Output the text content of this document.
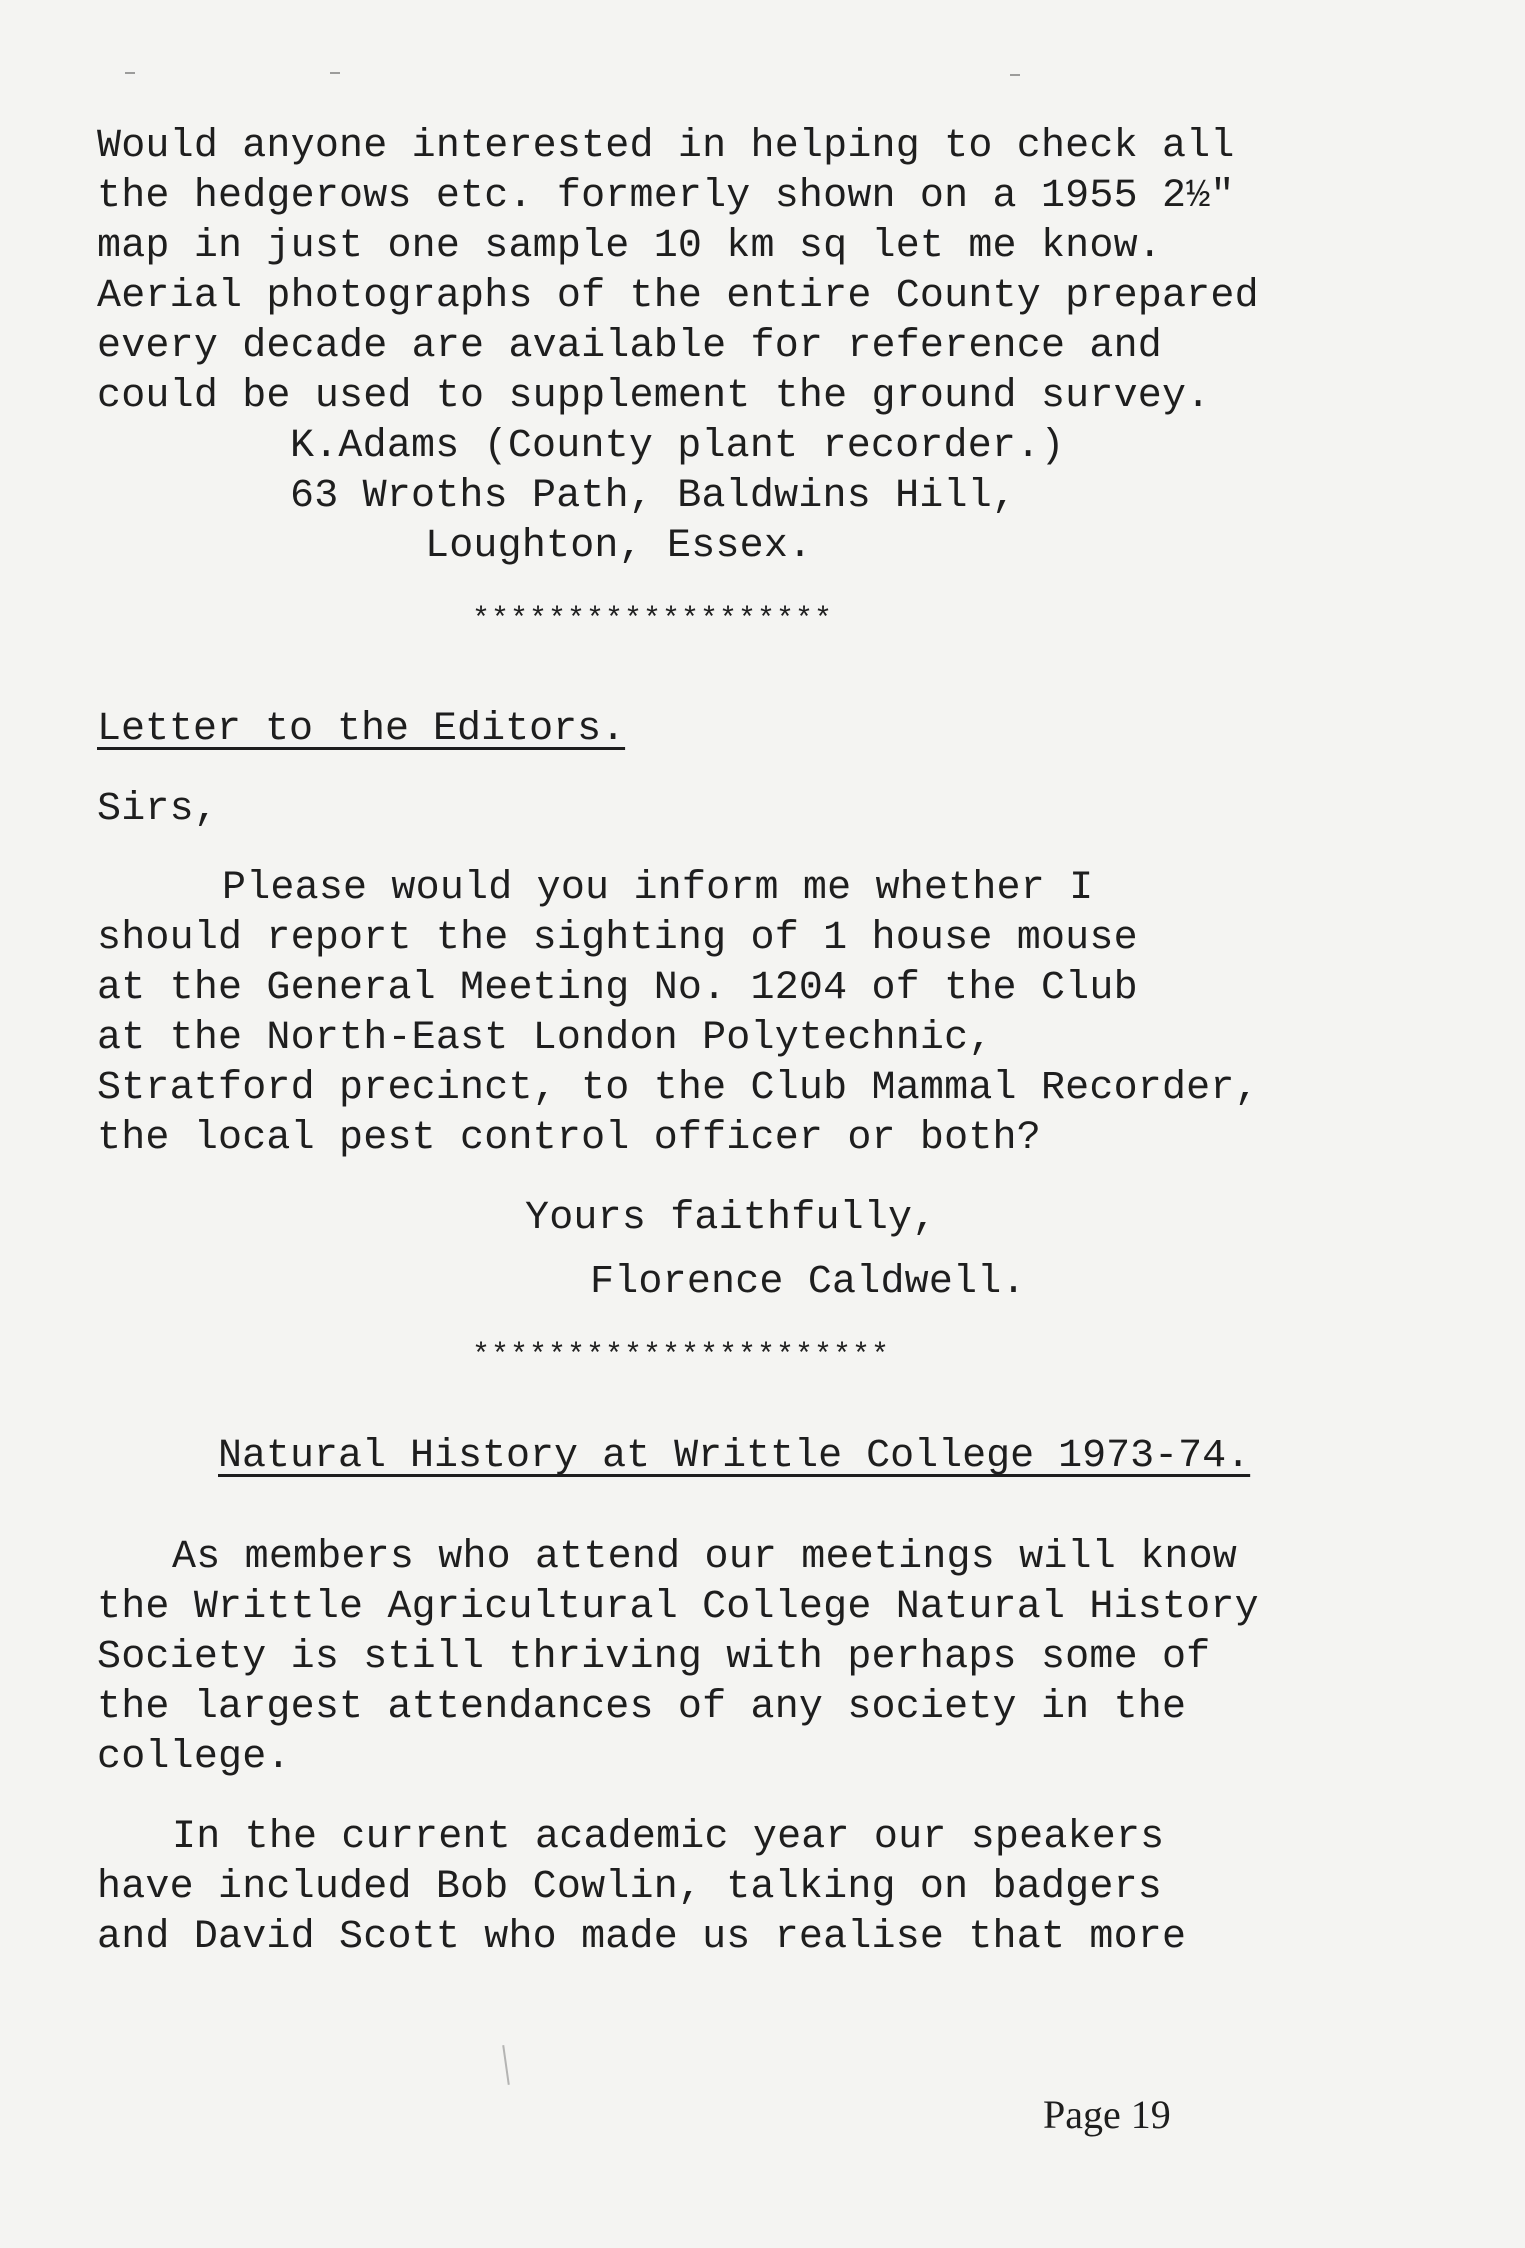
Would anyone interested in helping to check all
the hedgerows etc. formerly shown on a 1955 2½"
map in just one sample 10 km sq let me know.
Aerial photographs of the entire County prepared
every decade are available for reference and
could be used to supplement the ground survey.
K.Adams (County plant recorder.)
63 Wroths Path, Baldwins Hill,
Loughton, Essex.
*******************
Letter to the Editors.
Sirs,
Please would you inform me whether I
should report the sighting of 1 house mouse
at the General Meeting No. 1204 of the Club
at the North-East London Polytechnic,
Stratford precinct, to the Club Mammal Recorder,
the local pest control officer or both?
Yours faithfully,
Florence Caldwell.
**********************
Natural History at Writtle College 1973-74.
As members who attend our meetings will know
the Writtle Agricultural College Natural History
Society is still thriving with perhaps some of
the largest attendances of any society in the
college.
In the current academic year our speakers
have included Bob Cowlin, talking on badgers
and David Scott who made us realise that more
Page 19
